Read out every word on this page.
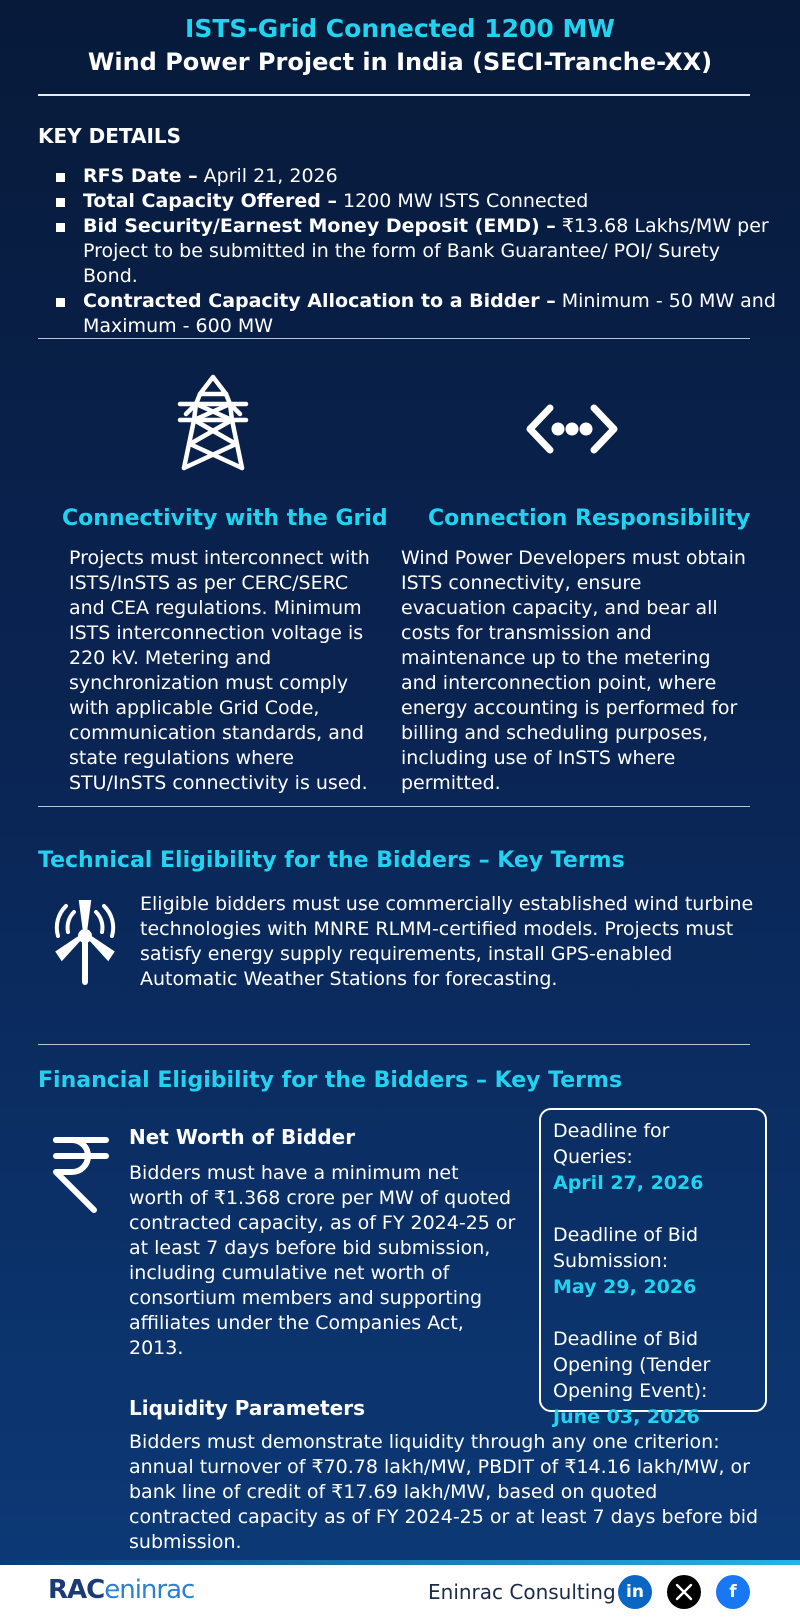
ISTS-Grid Connected 1200 MW
Wind Power Project in India (SECI-Tranche-XX)
KEY DETAILS
RFS Date – April 21, 2026
Total Capacity Offered – 1200 MW ISTS Connected
Bid Security/Earnest Money Deposit (EMD) – ₹13.68 Lakhs/MW per Project to be submitted in the form of Bank Guarantee/ POI/ Surety Bond.
Contracted Capacity Allocation to a Bidder – Minimum - 50 MW and Maximum - 600 MW
Connectivity with the Grid Connection Responsibility

Projects must interconnect with ISTS/InSTS as per CERC/SERC and CEA regulations. Minimum ISTS interconnection voltage is 220 kV. Metering and synchronization must comply with applicable Grid Code, communication standards, and state regulations where STU/InSTS connectivity is used.

Wind Power Developers must obtain ISTS connectivity, ensure evacuation capacity, and bear all costs for transmission and maintenance up to the metering and interconnection point, where energy accounting is performed for billing and scheduling purposes, including use of InSTS where permitted.

Technical Eligibility for the Bidders – Key Terms

Eligible bidders must use commercially established wind turbine technologies with MNRE RLMM-certified models. Projects must satisfy energy supply requirements, install GPS-enabled Automatic Weather Stations for forecasting.

Financial Eligibility for the Bidders – Key Terms
Net Worth of Bidder

Bidders must have a minimum net worth of ₹1.368 crore per MW of quoted contracted capacity, as of FY 2024-25 or at least 7 days before bid submission, including cumulative net worth of consortium members and supporting affiliates under the Companies Act, 2013.

Deadline for Queries:
April 27, 2026
Deadline of Bid Submission:
May 29, 2026
Deadline of Bid Opening (Tender Opening Event):
June 03, 2026
Liquidity Parameters

Bidders must demonstrate liquidity through any one criterion: annual turnover of ₹70.78 lakh/MW, PBDIT of ₹14.16 lakh/MW, or bank line of credit of ₹17.69 lakh/MW, based on quoted contracted capacity as of FY 2024-25 or at least 7 days before bid submission.

RACeninrac	Eninrac Consulting in	f
